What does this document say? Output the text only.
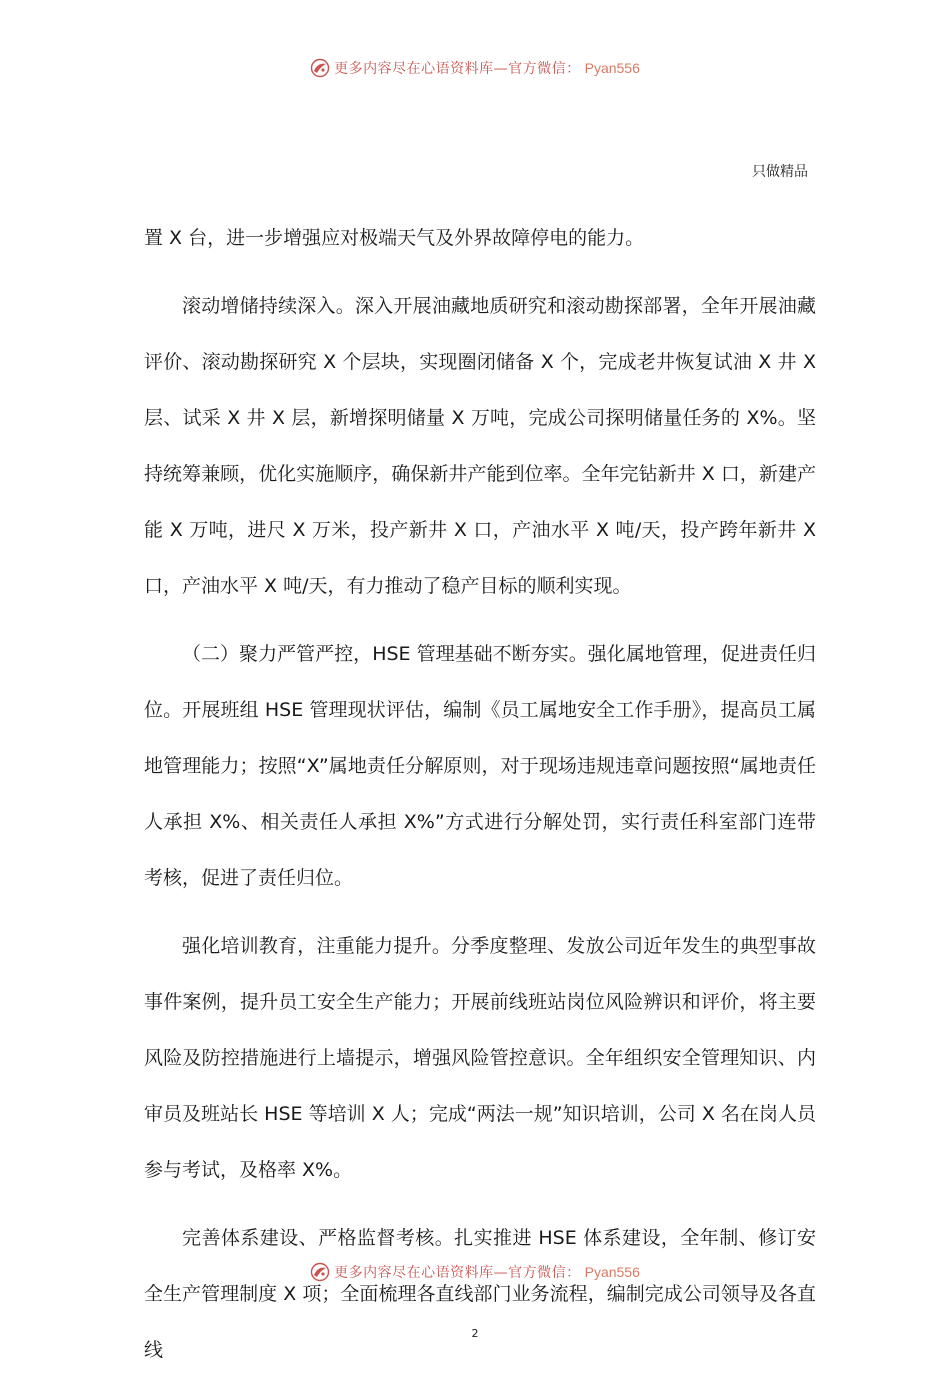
更多内容尽在心语资料库—官方微信： Pyan556
只做精品

置 X 台，进一步增强应对极端天气及外界故障停电的能力。

滚动增储持续深入。深入开展油藏地质研究和滚动勘探部署，全年开展油藏评价、滚动勘探研究 X 个层块，实现圈闭储备 X 个，完成老井恢复试油 X 井 X 层、试采 X 井 X 层，新增探明储量 X 万吨，完成公司探明储量任务的 X%。坚持统筹兼顾，优化实施顺序，确保新井产能到位率。全年完钻新井 X 口，新建产能 X 万吨，进尺 X 万米，投产新井 X 口，产油水平 X 吨/天，投产跨年新井 X 口，产油水平 X 吨/天，有力推动了稳产目标的顺利实现。

（二）聚力严管严控，HSE 管理基础不断夯实。强化属地管理，促进责任归位。开展班组 HSE 管理现状评估，编制《员工属地安全工作手册》，提高员工属地管理能力；按照“X”属地责任分解原则，对于现场违规违章问题按照“属地责任人承担 X%、相关责任人承担 X%”方式进行分解处罚，实行责任科室部门连带考核，促进了责任归位。

强化培训教育，注重能力提升。分季度整理、发放公司近年发生的典型事故事件案例，提升员工安全生产能力；开展前线班站岗位风险辨识和评价，将主要风险及防控措施进行上墙提示，增强风险管控意识。全年组织安全管理知识、内审员及班站长 HSE 等培训 X 人；完成“两法一规”知识培训，公司 X 名在岗人员参与考试，及格率 X%。

完善体系建设、严格监督考核。扎实推进 HSE 体系建设，全年制、修订安全生产管理制度 X 项；全面梳理各直线部门业务流程，编制完成公司领导及各直线

更多内容尽在心语资料库—官方微信： Pyan556
2
